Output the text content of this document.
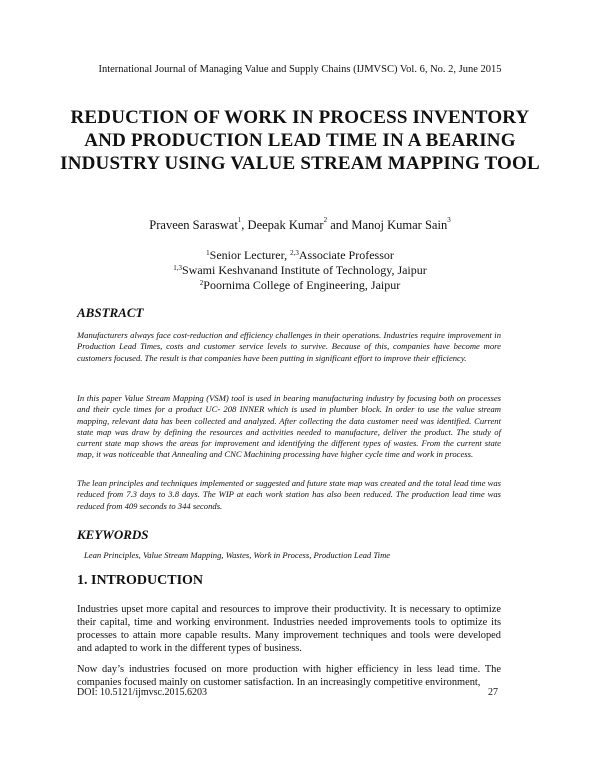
International Journal of Managing Value and Supply Chains (IJMVSC) Vol. 6, No. 2, June 2015
REDUCTION OF WORK IN PROCESS INVENTORY AND PRODUCTION LEAD TIME IN A BEARING INDUSTRY USING VALUE STREAM MAPPING TOOL
Praveen Saraswat$^1$, Deepak Kumar$^2$ and Manoj Kumar Sain$^3$
$^1$Senior Lecturer, $^{2,3}$Associate Professor
$^{1,3}$Swami Keshvanand Institute of Technology, Jaipur
$^2$Poornima College of Engineering, Jaipur
ABSTRACT
Manufacturers always face cost-reduction and efficiency challenges in their operations. Industries require improvement in Production Lead Times, costs and customer service levels to survive. Because of this, companies have become more customers focused. The result is that companies have been putting in significant effort to improve their efficiency.
In this paper Value Stream Mapping (VSM) tool is used in bearing manufacturing industry by focusing both on processes and their cycle times for a product UC- 208 INNER which is used in plumber block. In order to use the value stream mapping, relevant data has been collected and analyzed. After collecting the data customer need was identified. Current state map was draw by defining the resources and activities needed to manufacture, deliver the product. The study of current state map shows the areas for improvement and identifying the different types of wastes. From the current state map, it was noticeable that Annealing and CNC Machining processing have higher cycle time and work in process.
The lean principles and techniques implemented or suggested and future state map was created and the total lead time was reduced from 7.3 days to 3.8 days. The WIP at each work station has also been reduced. The production lead time was reduced from 409 seconds to 344 seconds.
KEYWORDS
Lean Principles, Value Stream Mapping, Wastes, Work in Process, Production Lead Time
1. INTRODUCTION
Industries upset more capital and resources to improve their productivity. It is necessary to optimize their capital, time and working environment. Industries needed improvements tools to optimize its processes to attain more capable results. Many improvement techniques and tools were developed and adapted to work in the different types of business.
Now day’s industries focused on more production with higher efficiency in less lead time. The companies focused mainly on customer satisfaction. In an increasingly competitive environment,
DOI: 10.5121/ijmvsc.2015.6203	27
